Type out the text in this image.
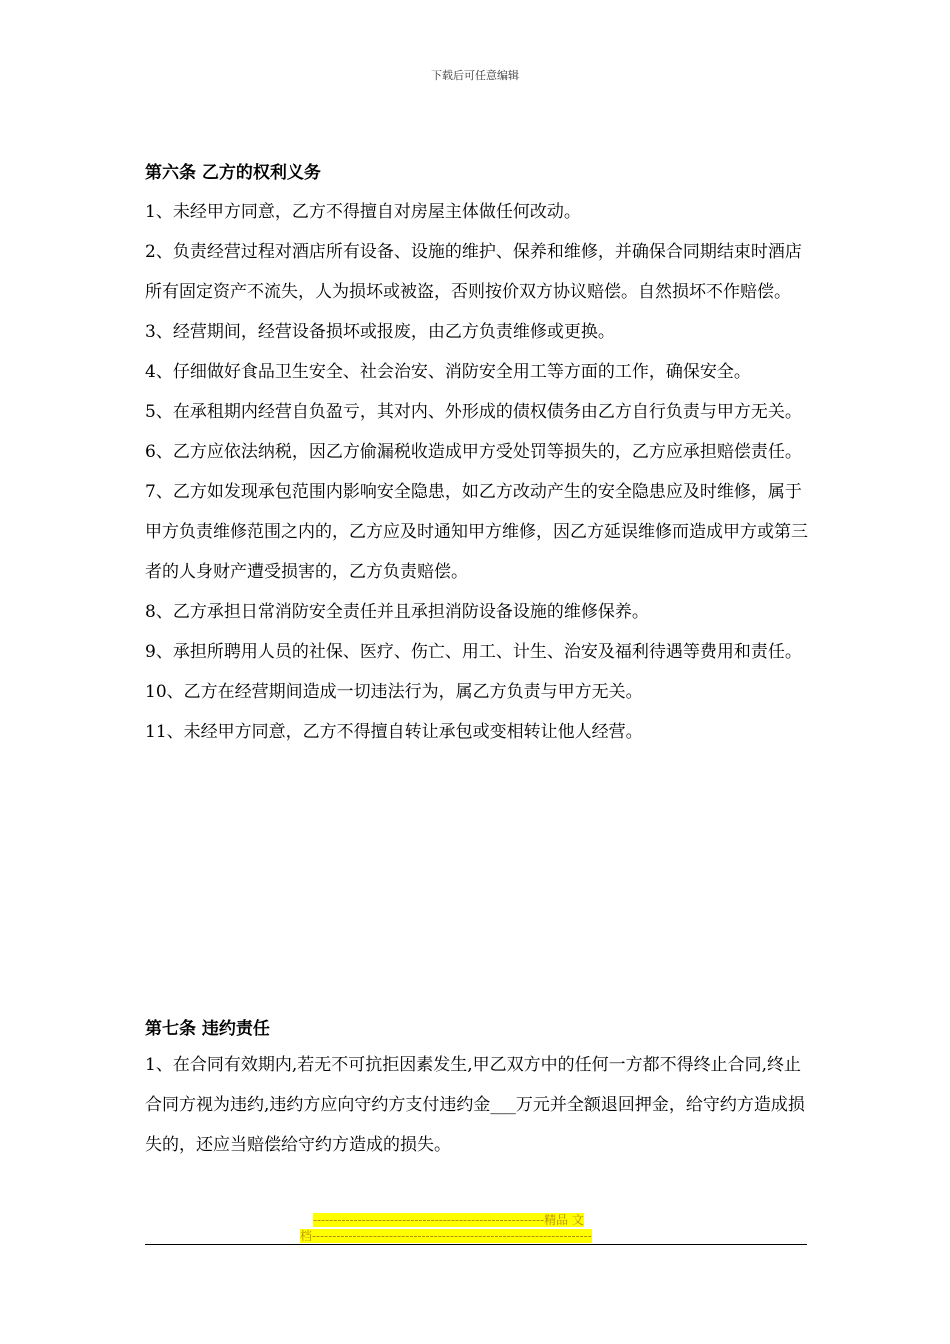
下载后可任意编辑
第六条 乙方的权利义务

1、未经甲方同意，乙方不得擅自对房屋主体做任何改动。

2、负责经营过程对酒店所有设备、设施的维护、保养和维修，并确保合同期结束时酒店所有固定资产不流失，人为损坏或被盗，否则按价双方协议赔偿。自然损坏不作赔偿。

3、经营期间，经营设备损坏或报废，由乙方负责维修或更换。

4、仔细做好食品卫生安全、社会治安、消防安全用工等方面的工作，确保安全。

5、在承租期内经营自负盈亏，其对内、外形成的债权债务由乙方自行负责与甲方无关。

6、乙方应依法纳税，因乙方偷漏税收造成甲方受处罚等损失的，乙方应承担赔偿责任。

7、乙方如发现承包范围内影响安全隐患，如乙方改动产生的安全隐患应及时维修，属于甲方负责维修范围之内的，乙方应及时通知甲方维修，因乙方延误维修而造成甲方或第三者的人身财产遭受损害的，乙方负责赔偿。

8、乙方承担日常消防安全责任并且承担消防设备设施的维修保养。

9、承担所聘用人员的社保、医疗、伤亡、用工、计生、治安及福利待遇等费用和责任。

10、乙方在经营期间造成一切违法行为，属乙方负责与甲方无关。

11、未经甲方同意，乙方不得擅自转让承包或变相转让他人经营。

第七条 违约责任

1、在合同有效期内,若无不可抗拒因素发生,甲乙双方中的任何一方都不得终止合同,终止合同方视为违约,违约方应向守约方支付违约金___万元并全额退回押金，给守约方造成损失的，还应当赔偿给守约方造成的损失。

---------------------------------------------------------精品 文
档---------------------------------------------------------------------
